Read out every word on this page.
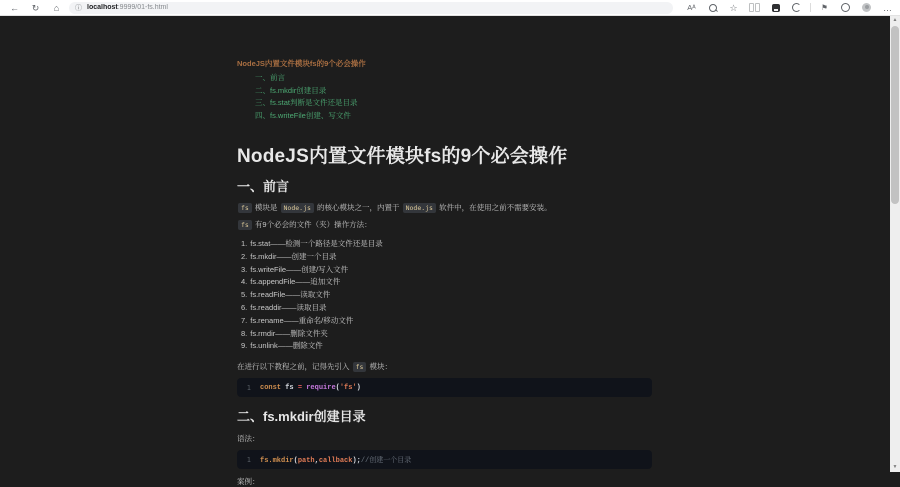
←	↻	⌂	ⓘ localhost:9999/01-fs.html	Aᴬ	☆	⚑	…
NodeJS内置文件模块fs的9个必会操作
一、 前言
二、 fs.mkdir创建目录
三、 fs.stat判断是文件还是目录
四、 fs.writeFile创建、写文件
NodeJS内置文件模块fs的9个必会操作
一、前言

fs 模块是 Node.js 的核心模块之一，内置于 Node.js 软件中，在使用之前不需要安装。

fs 有9个必会的文件（夹）操作方法：

1. fs.stat——检测一个路径是文件还是目录
2. fs.mkdir——创建一个目录
3. fs.writeFile——创建/写入文件
4. fs.appendFile——追加文件
5. fs.readFile——读取文件
6. fs.readdir——读取目录
7. fs.rename——重命名/移动文件
8. fs.rmdir——删除文件夹
9. fs.unlink——删除文件

在进行以下教程之前，记得先引入 fs 模块：

1 const fs = require('fs')
二、fs.mkdir创建目录

语法：

1 fs.mkdir(path,callback);//创建一个目录

案例：

▲
▼
